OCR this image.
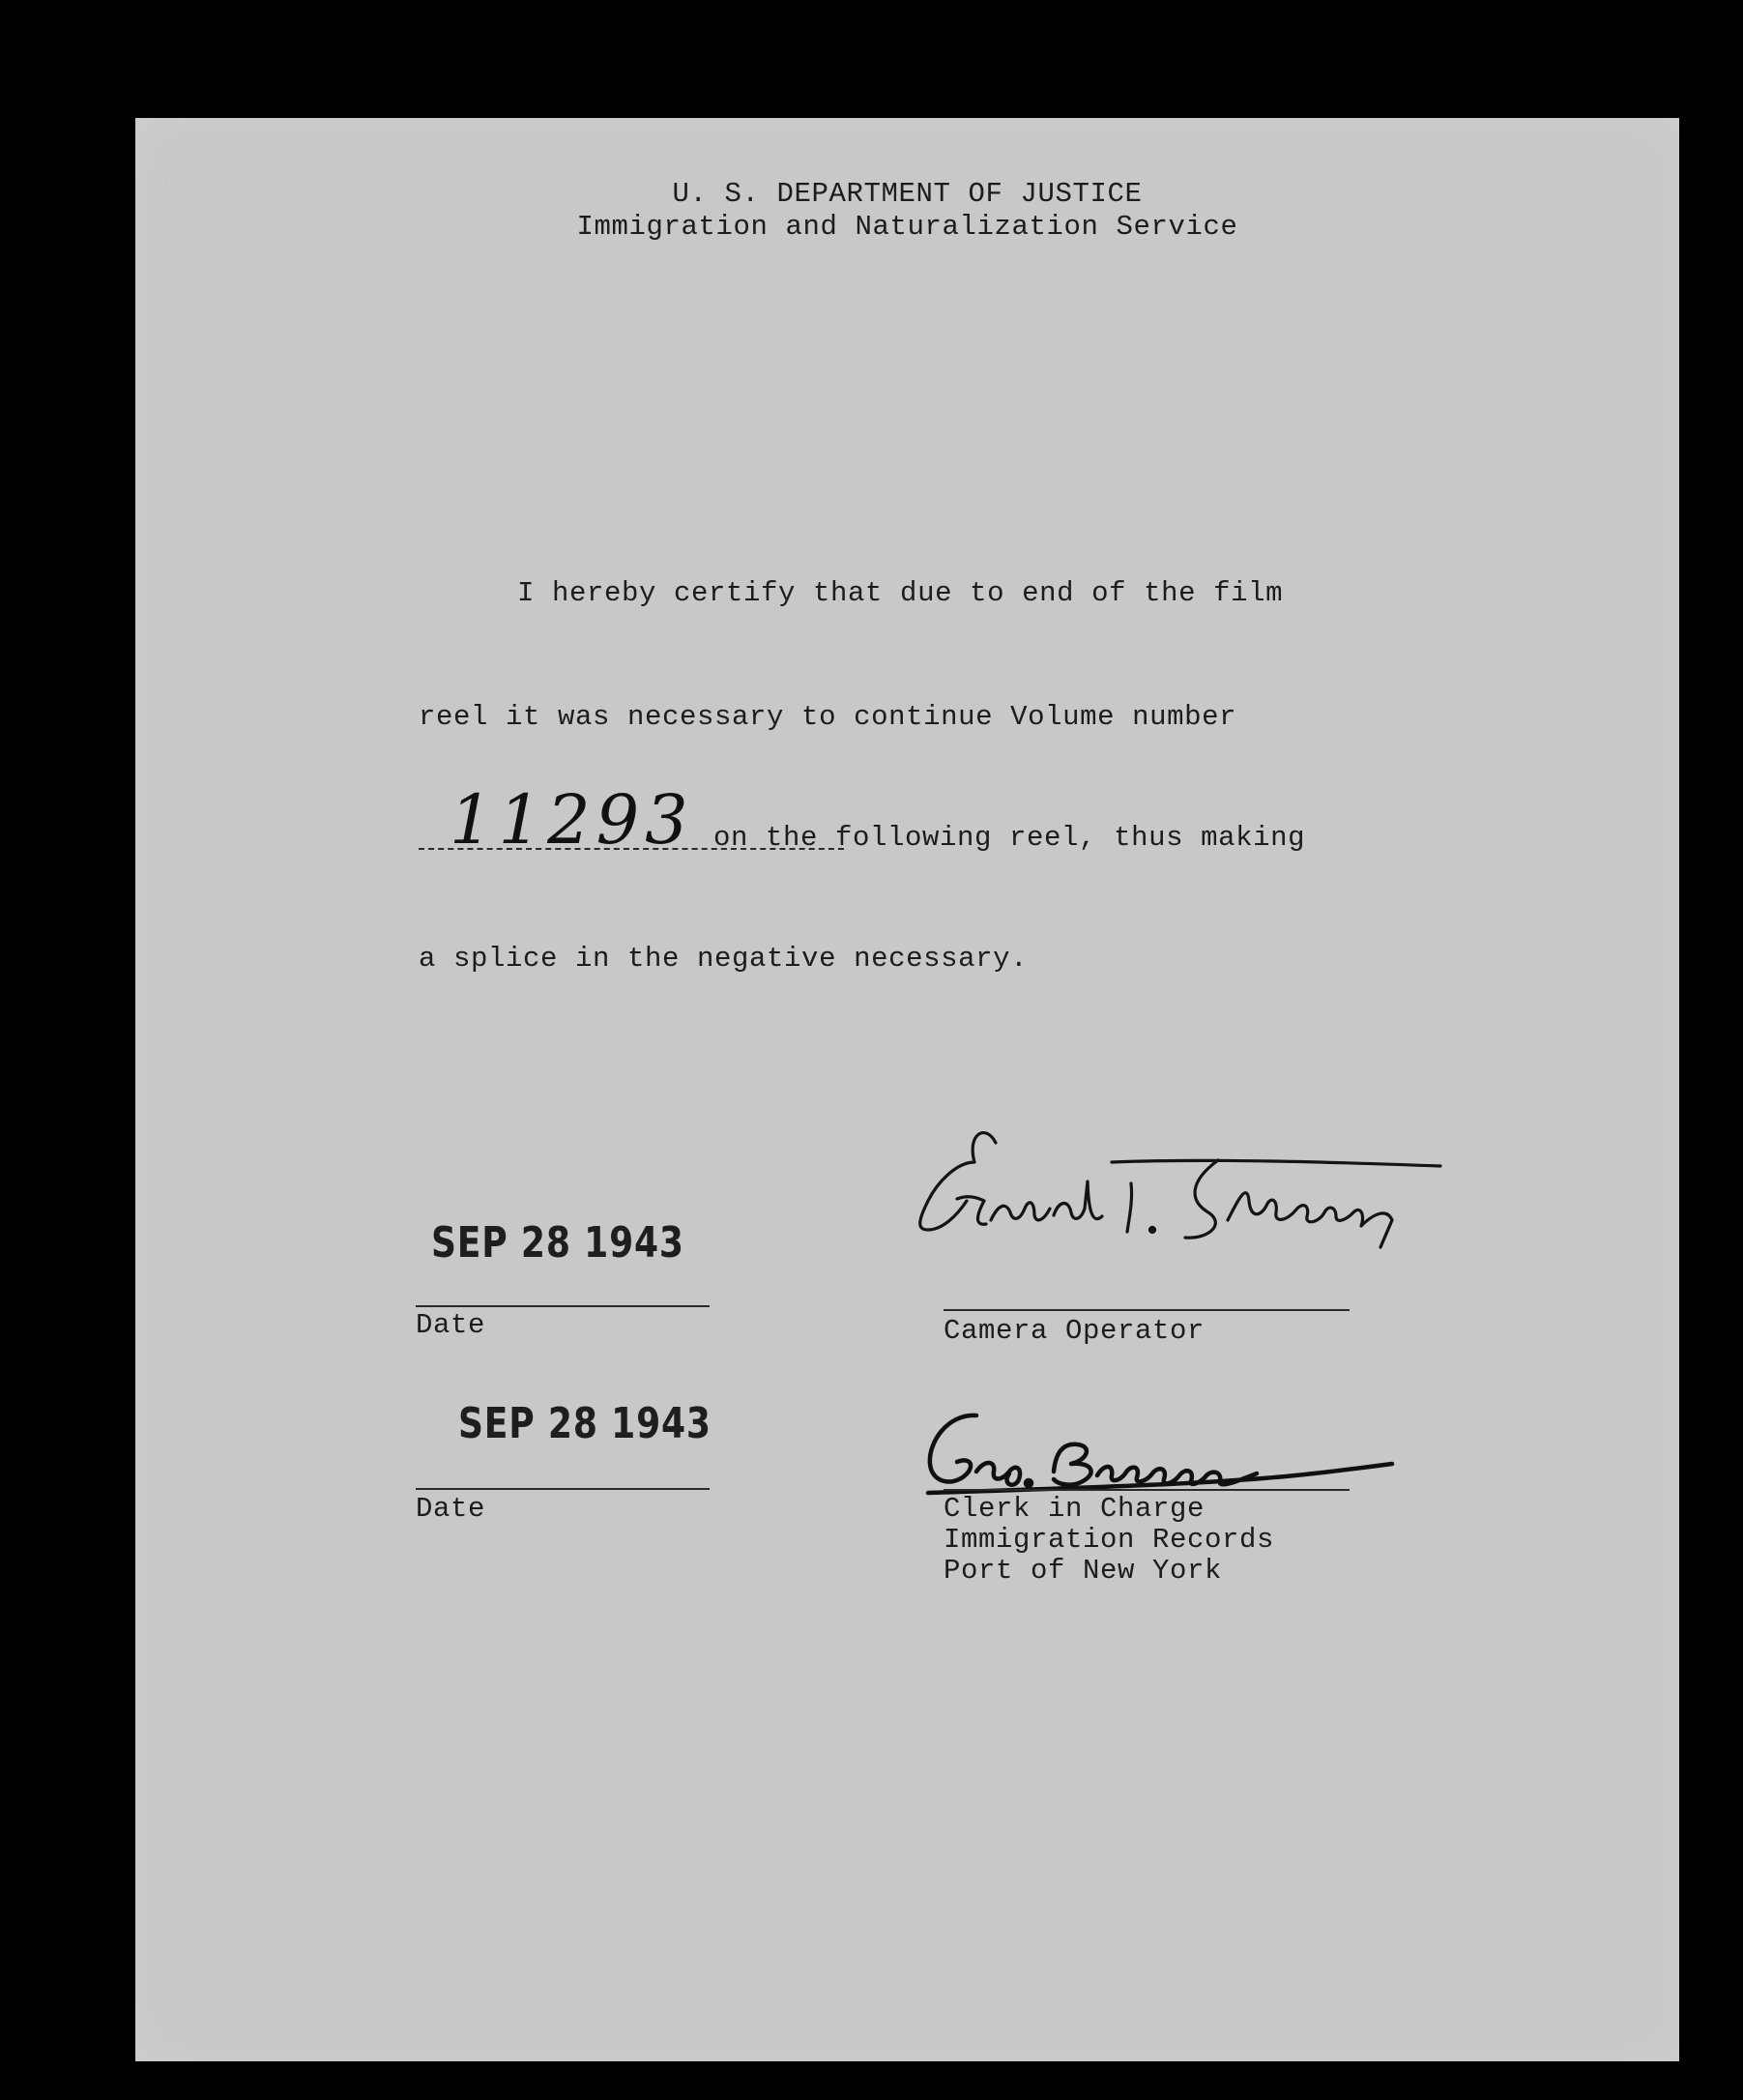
U. S. DEPARTMENT OF JUSTICE
Immigration and Naturalization Service
I hereby certify that due to end of the film
reel it was necessary to continue Volume number
11293 on the following reel, thus making
a splice in the negative necessary.
SEP 28 1943
Date
SEP 28 1943
Date
Camera Operator
Clerk in Charge
Immigration Records
Port of New York
